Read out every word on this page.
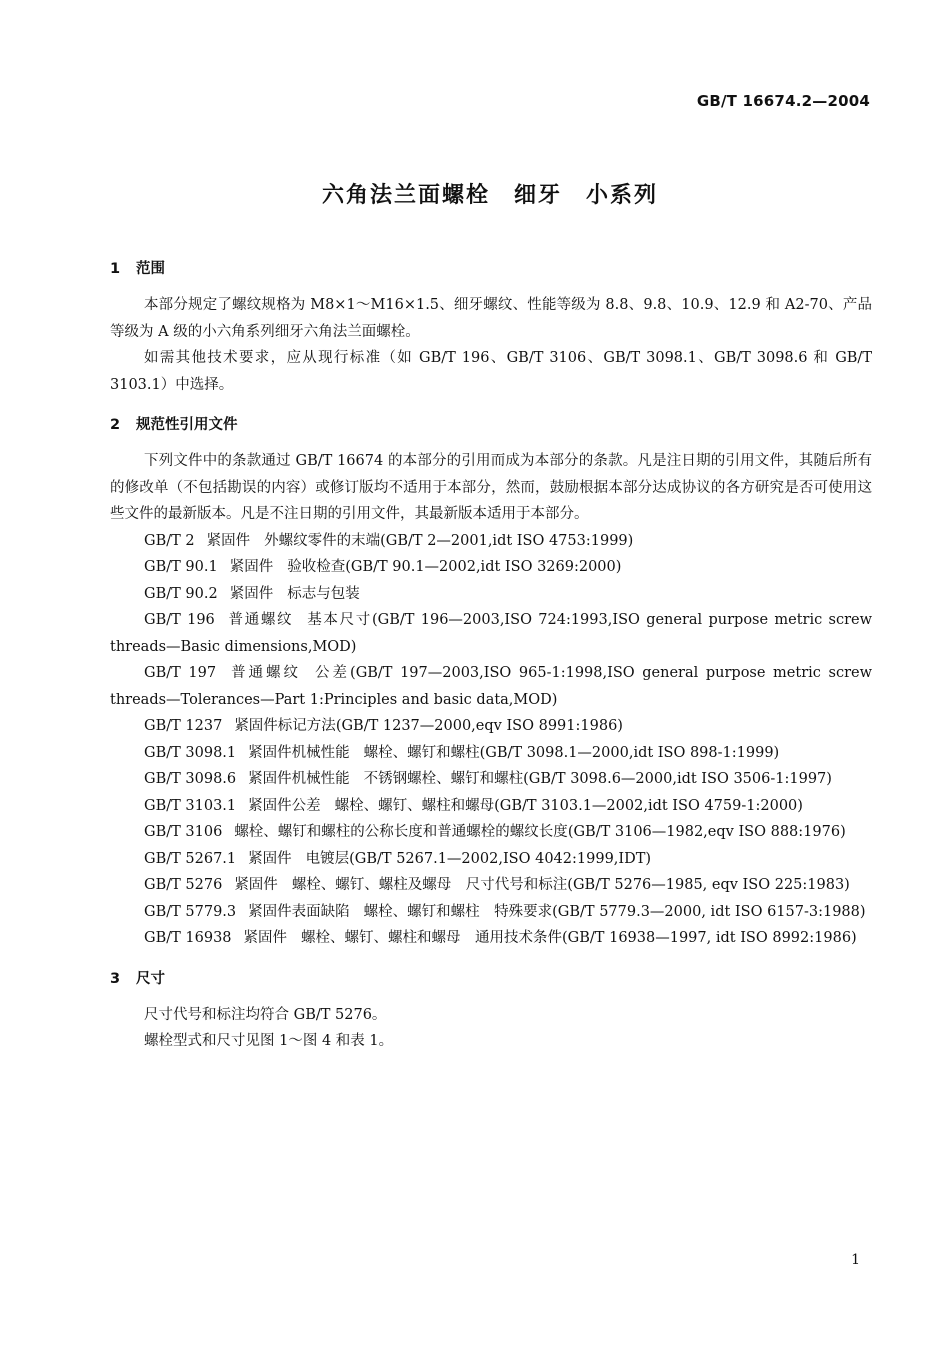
GB/T 16674.2—2004
六角法兰面螺栓　细牙　小系列
1 范围

本部分规定了螺纹规格为 M8×1～M16×1.5、细牙螺纹、性能等级为 8.8、9.8、10.9、12.9 和 A2-70、产品等级为 A 级的小六角系列细牙六角法兰面螺栓。

如需其他技术要求，应从现行标准（如 GB/T 196、GB/T 3106、GB/T 3098.1、GB/T 3098.6 和 GB/T 3103.1）中选择。

2 规范性引用文件

下列文件中的条款通过 GB/T 16674 的本部分的引用而成为本部分的条款。凡是注日期的引用文件，其随后所有的修改单（不包括勘误的内容）或修订版均不适用于本部分，然而，鼓励根据本部分达成协议的各方研究是否可使用这些文件的最新版本。凡是不注日期的引用文件，其最新版本适用于本部分。

GB/T 2 紧固件 外螺纹零件的末端(GB/T 2—2001,idt ISO 4753:1999)

GB/T 90.1 紧固件 验收检查(GB/T 90.1—2002,idt ISO 3269:2000)

GB/T 90.2 紧固件 标志与包装

GB/T 196 普通螺纹 基本尺寸(GB/T 196—2003,ISO 724:1993,ISO general purpose metric screw threads—Basic dimensions,MOD)

GB/T 197 普通螺纹 公差(GB/T 197—2003,ISO 965-1:1998,ISO general purpose metric screw threads—Tolerances—Part 1:Principles and basic data,MOD)

GB/T 1237 紧固件标记方法(GB/T 1237—2000,eqv ISO 8991:1986)

GB/T 3098.1 紧固件机械性能 螺栓、螺钉和螺柱(GB/T 3098.1—2000,idt ISO 898-1:1999)

GB/T 3098.6 紧固件机械性能 不锈钢螺栓、螺钉和螺柱(GB/T 3098.6—2000,idt ISO 3506-1:1997)

GB/T 3103.1 紧固件公差 螺栓、螺钉、螺柱和螺母(GB/T 3103.1—2002,idt ISO 4759-1:2000)

GB/T 3106 螺栓、螺钉和螺柱的公称长度和普通螺栓的螺纹长度(GB/T 3106—1982,eqv ISO 888:1976)

GB/T 5267.1 紧固件 电镀层(GB/T 5267.1—2002,ISO 4042:1999,IDT)

GB/T 5276 紧固件 螺栓、螺钉、螺柱及螺母　尺寸代号和标注(GB/T 5276—1985, eqv ISO 225:1983)

GB/T 5779.3 紧固件表面缺陷 螺栓、螺钉和螺柱　特殊要求(GB/T 5779.3—2000, idt ISO 6157-3:1988)

GB/T 16938 紧固件 螺栓、螺钉、螺柱和螺母　通用技术条件(GB/T 16938—1997, idt ISO 8992:1986)

3 尺寸

尺寸代号和标注均符合 GB/T 5276。

螺栓型式和尺寸见图 1～图 4 和表 1。

1
